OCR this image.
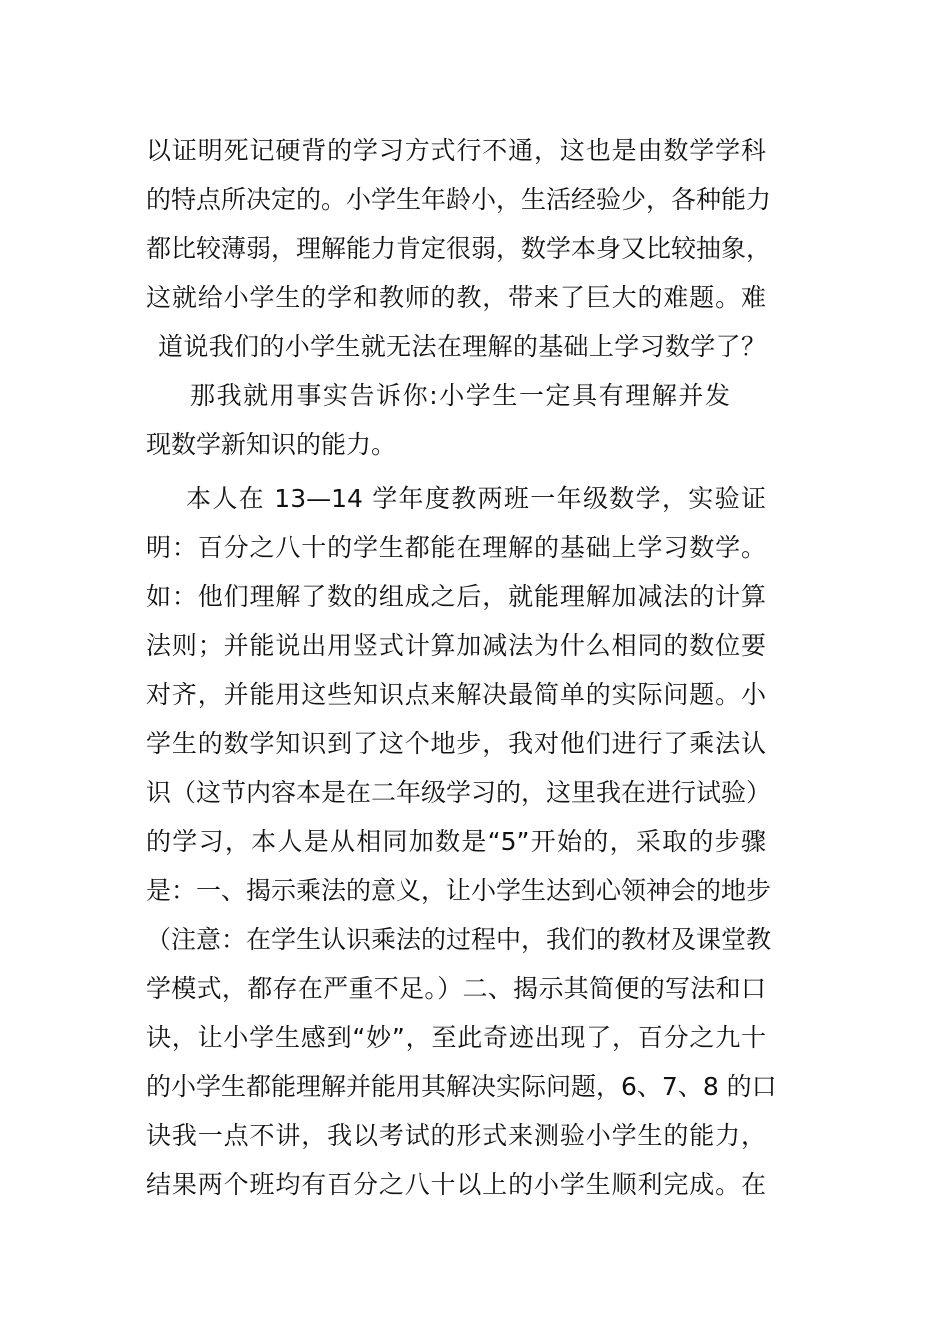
以证明死记硬背的学习方式行不通，这也是由数学学科
的特点所决定的。小学生年龄小，生活经验少，各种能力
都比较薄弱，理解能力肯定很弱，数学本身又比较抽象，
这就给小学生的学和教师的教，带来了巨大的难题。难
道说我们的小学生就无法在理解的基础上学习数学了？
那我就用事实告诉你:小学生一定具有理解并发
现数学新知识的能力。
本人在 13—14 学年度教两班一年级数学，实验证
明：百分之八十的学生都能在理解的基础上学习数学。
如：他们理解了数的组成之后，就能理解加减法的计算
法则；并能说出用竖式计算加减法为什么相同的数位要
对齐，并能用这些知识点来解决最简单的实际问题。小
学生的数学知识到了这个地步，我对他们进行了乘法认
识（这节内容本是在二年级学习的，这里我在进行试验）
的学习，本人是从相同加数是“5”开始的，采取的步骤
是：一、揭示乘法的意义，让小学生达到心领神会的地步
（注意：在学生认识乘法的过程中，我们的教材及课堂教
学模式，都存在严重不足。）二、揭示其简便的写法和口
诀，让小学生感到“妙”，至此奇迹出现了，百分之九十
的小学生都能理解并能用其解决实际问题，6、7、8 的口
诀我一点不讲，我以考试的形式来测验小学生的能力，
结果两个班均有百分之八十以上的小学生顺利完成。在
